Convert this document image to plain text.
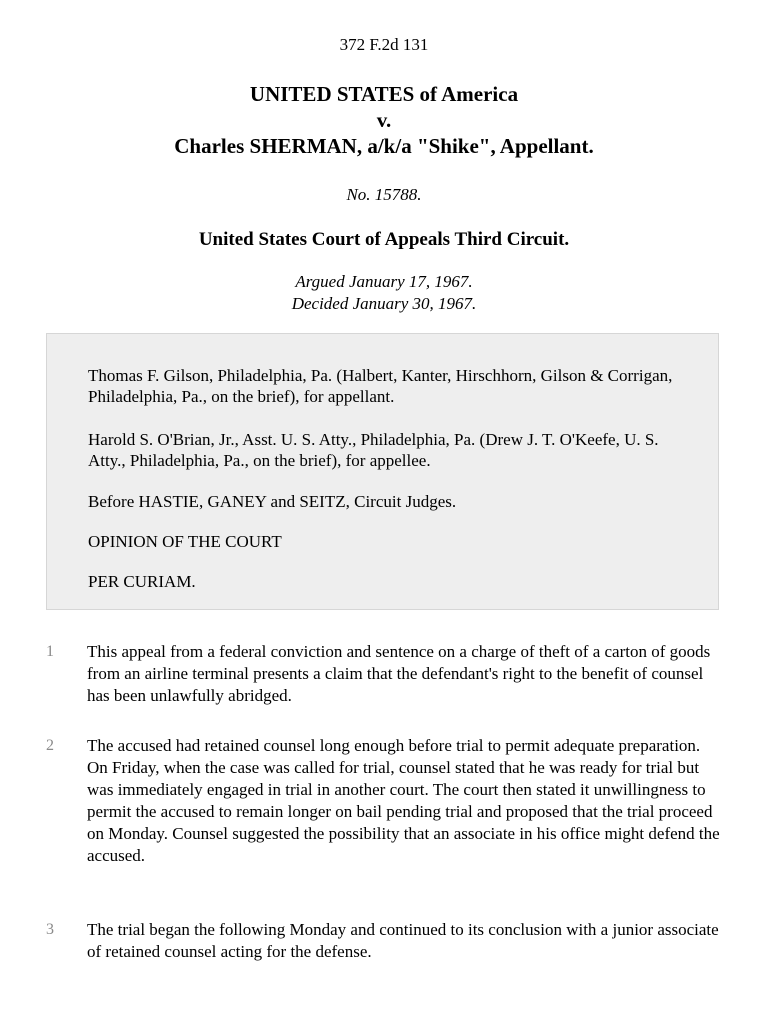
372 F.2d 131
UNITED STATES of America
v.
Charles SHERMAN, a/k/a "Shike", Appellant.
No. 15788.
United States Court of Appeals Third Circuit.
Argued January 17, 1967.
Decided January 30, 1967.

Thomas F. Gilson, Philadelphia, Pa. (Halbert, Kanter, Hirschhorn, Gilson & Corrigan, Philadelphia, Pa., on the brief), for appellant.

Harold S. O'Brian, Jr., Asst. U. S. Atty., Philadelphia, Pa. (Drew J. T. O'Keefe, U. S. Atty., Philadelphia, Pa., on the brief), for appellee.

Before HASTIE, GANEY and SEITZ, Circuit Judges.

OPINION OF THE COURT

PER CURIAM.

1 This appeal from a federal conviction and sentence on a charge of theft of a carton of goods from an airline terminal presents a claim that the defendant's right to the benefit of counsel has been unlawfully abridged.

2 The accused had retained counsel long enough before trial to permit adequate preparation. On Friday, when the case was called for trial, counsel stated that he was ready for trial but was immediately engaged in trial in another court. The court then stated it unwillingness to permit the accused to remain longer on bail pending trial and proposed that the trial proceed on Monday. Counsel suggested the possibility that an associate in his office might defend the accused.

3 The trial began the following Monday and continued to its conclusion with a junior associate of retained counsel acting for the defense.
